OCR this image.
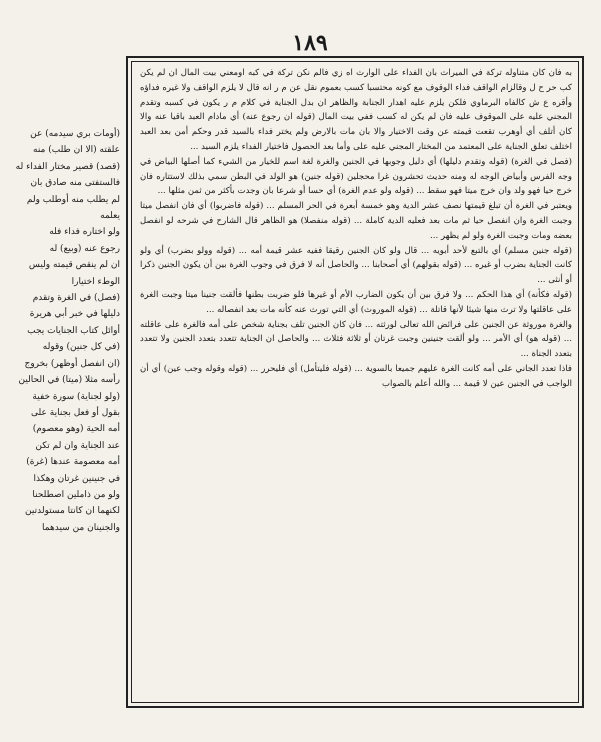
١٨٩

به فان كان متناوله تركة في الميراث بان الفداء على الوارث اه زي فالم نكن تركة في كبه اومعني بيت المال ان لم يكن كب حر ح ل وقالزام الواقف فداء الوقوف مع كونه محتسبا كسب بعموم نقل عن م ر انه قال لا يلزم الواقف ولا غيره فداؤه وأقره ع ش كالفاه البرماوي فلكن يلزم عليه اهدار الجنابة والظاهر ان بدل الجناية في كلام م ر يكون في كسبه وتقدم المجني عليه على الموقوف عليه فان لم يكن له كسب ففي بيت المال (قوله ان رجوع عنه) أي مادام العبد باقيا عنه والا كان أتلف أي أوهرب تقعت قيمته عن وقت الاختيار والا بان مات بالارض ولم يختر فداء بالسيد قدر وحكم أمن بعد العبد اختلف تعلق الجناية على المعتمد من المختار المجني عليه على وأما بعد الحصول فاختيار الفداء يلزم السيد ...

(فصل في الغرة) (قوله وتقدم دليلها) أي دليل وجوبها في الجنين والغرة لغة اسم للخيار من الشيء كما أصلها البياض في وجه الفرس وأبياض الوجه له ومنه حديث تحشرون غرا محجلين (قوله جنين) هو الولد في البطن سمي بذلك لاستتاره فان خرج حيا فهو ولد وان خرج ميتا فهو سقط ... (قوله ولو عدم الغرة) أي حسا أو شرعا بان وجدت بأكثر من ثمن مثلها ...

ويعتبر في الغرة أن تبلغ قيمتها نصف عشر الدية وهو خمسة أبعرة في الحر المسلم ... (قوله فاضربوا) أي فان انفصل ميتا وجبت الغرة وان انفصل حيا ثم مات بعد فعليه الدية كاملة ... (قوله منفصلا) هو الظاهر قال الشارح في شرحه لو انفصل بعضه ومات وجبت الغرة ولو لم يظهر ...

(قوله جنين مسلم) أي بالتبع لأحد أبويه ... قال ولو كان الجنين رقيقا ففيه عشر قيمة أمه ... (قوله وولو بضرب) أي ولو كانت الجناية بضرب أو غيره ... (قوله بقولهم) أي أصحابنا ... والحاصل أنه لا فرق في وجوب الغرة بين أن يكون الجنين ذكرا أو أنثى ...

(قوله فكأنه) أي هذا الحكم ... ولا فرق بين أن يكون الضارب الأم أو غيرها فلو ضربت بطنها فألقت جنينا ميتا وجبت الغرة على عاقلتها ولا ترث منها شيئا لأنها قاتلة ... (قوله الموروث) أي التي تورث عنه كأنه مات بعد انفصاله ...

والغرة موروثة عن الجنين على فرائض الله تعالى لورثته ... فان كان الجنين تلف بجناية شخص على أمه فالغرة على عاقلته ... (قوله هو) أي الأمر ... ولو ألقت جنينين وجبت غرتان أو ثلاثة فثلاث ... والحاصل ان الجناية تتعدد بتعدد الجنين ولا تتعدد بتعدد الجناة ...

فاذا تعدد الجاني على أمه كانت الغرة عليهم جميعا بالسوية ... (قوله فليتأمل) أي فليحرر ... (قوله وقوله وجب عين) أي أن الواجب في الجنين عين لا قيمة ... والله أعلم بالصواب

(أومات بري سيدمه) عن

علقته (الا ان طلب) منه

(قصد) قصير مختار الفداء له

فالستفتى منه صادق بان

لم يطلب منه أوطلب ولم يعلمه

ولو اختاره فداء فله

رجوع عنه (وبيع) له

ان لم ينقص قيمته وليس

الوطء اختيارا

(فصل) في الغرة وتقدم

دليلها في خبر أبي هريرة

أوائل كتاب الجنايات يجب

(في كل جنين) وقوله

(ان انفصل أوظهر) بخروج

رأسه مثلا (ميتا) في الحالين

(ولو لجناية) سورة خفية

بقول أو فعل بجناية على

أمه الحية (وهو معصوم)

عند الجناية وان لم تكن

أمه معصومة عندها (غرة)

في جنينين غرتان وهكذا

ولو من ذاملين اصطلحنا

لكنهما ان كانتا مستولدتين

والجنينان من سيدهما
